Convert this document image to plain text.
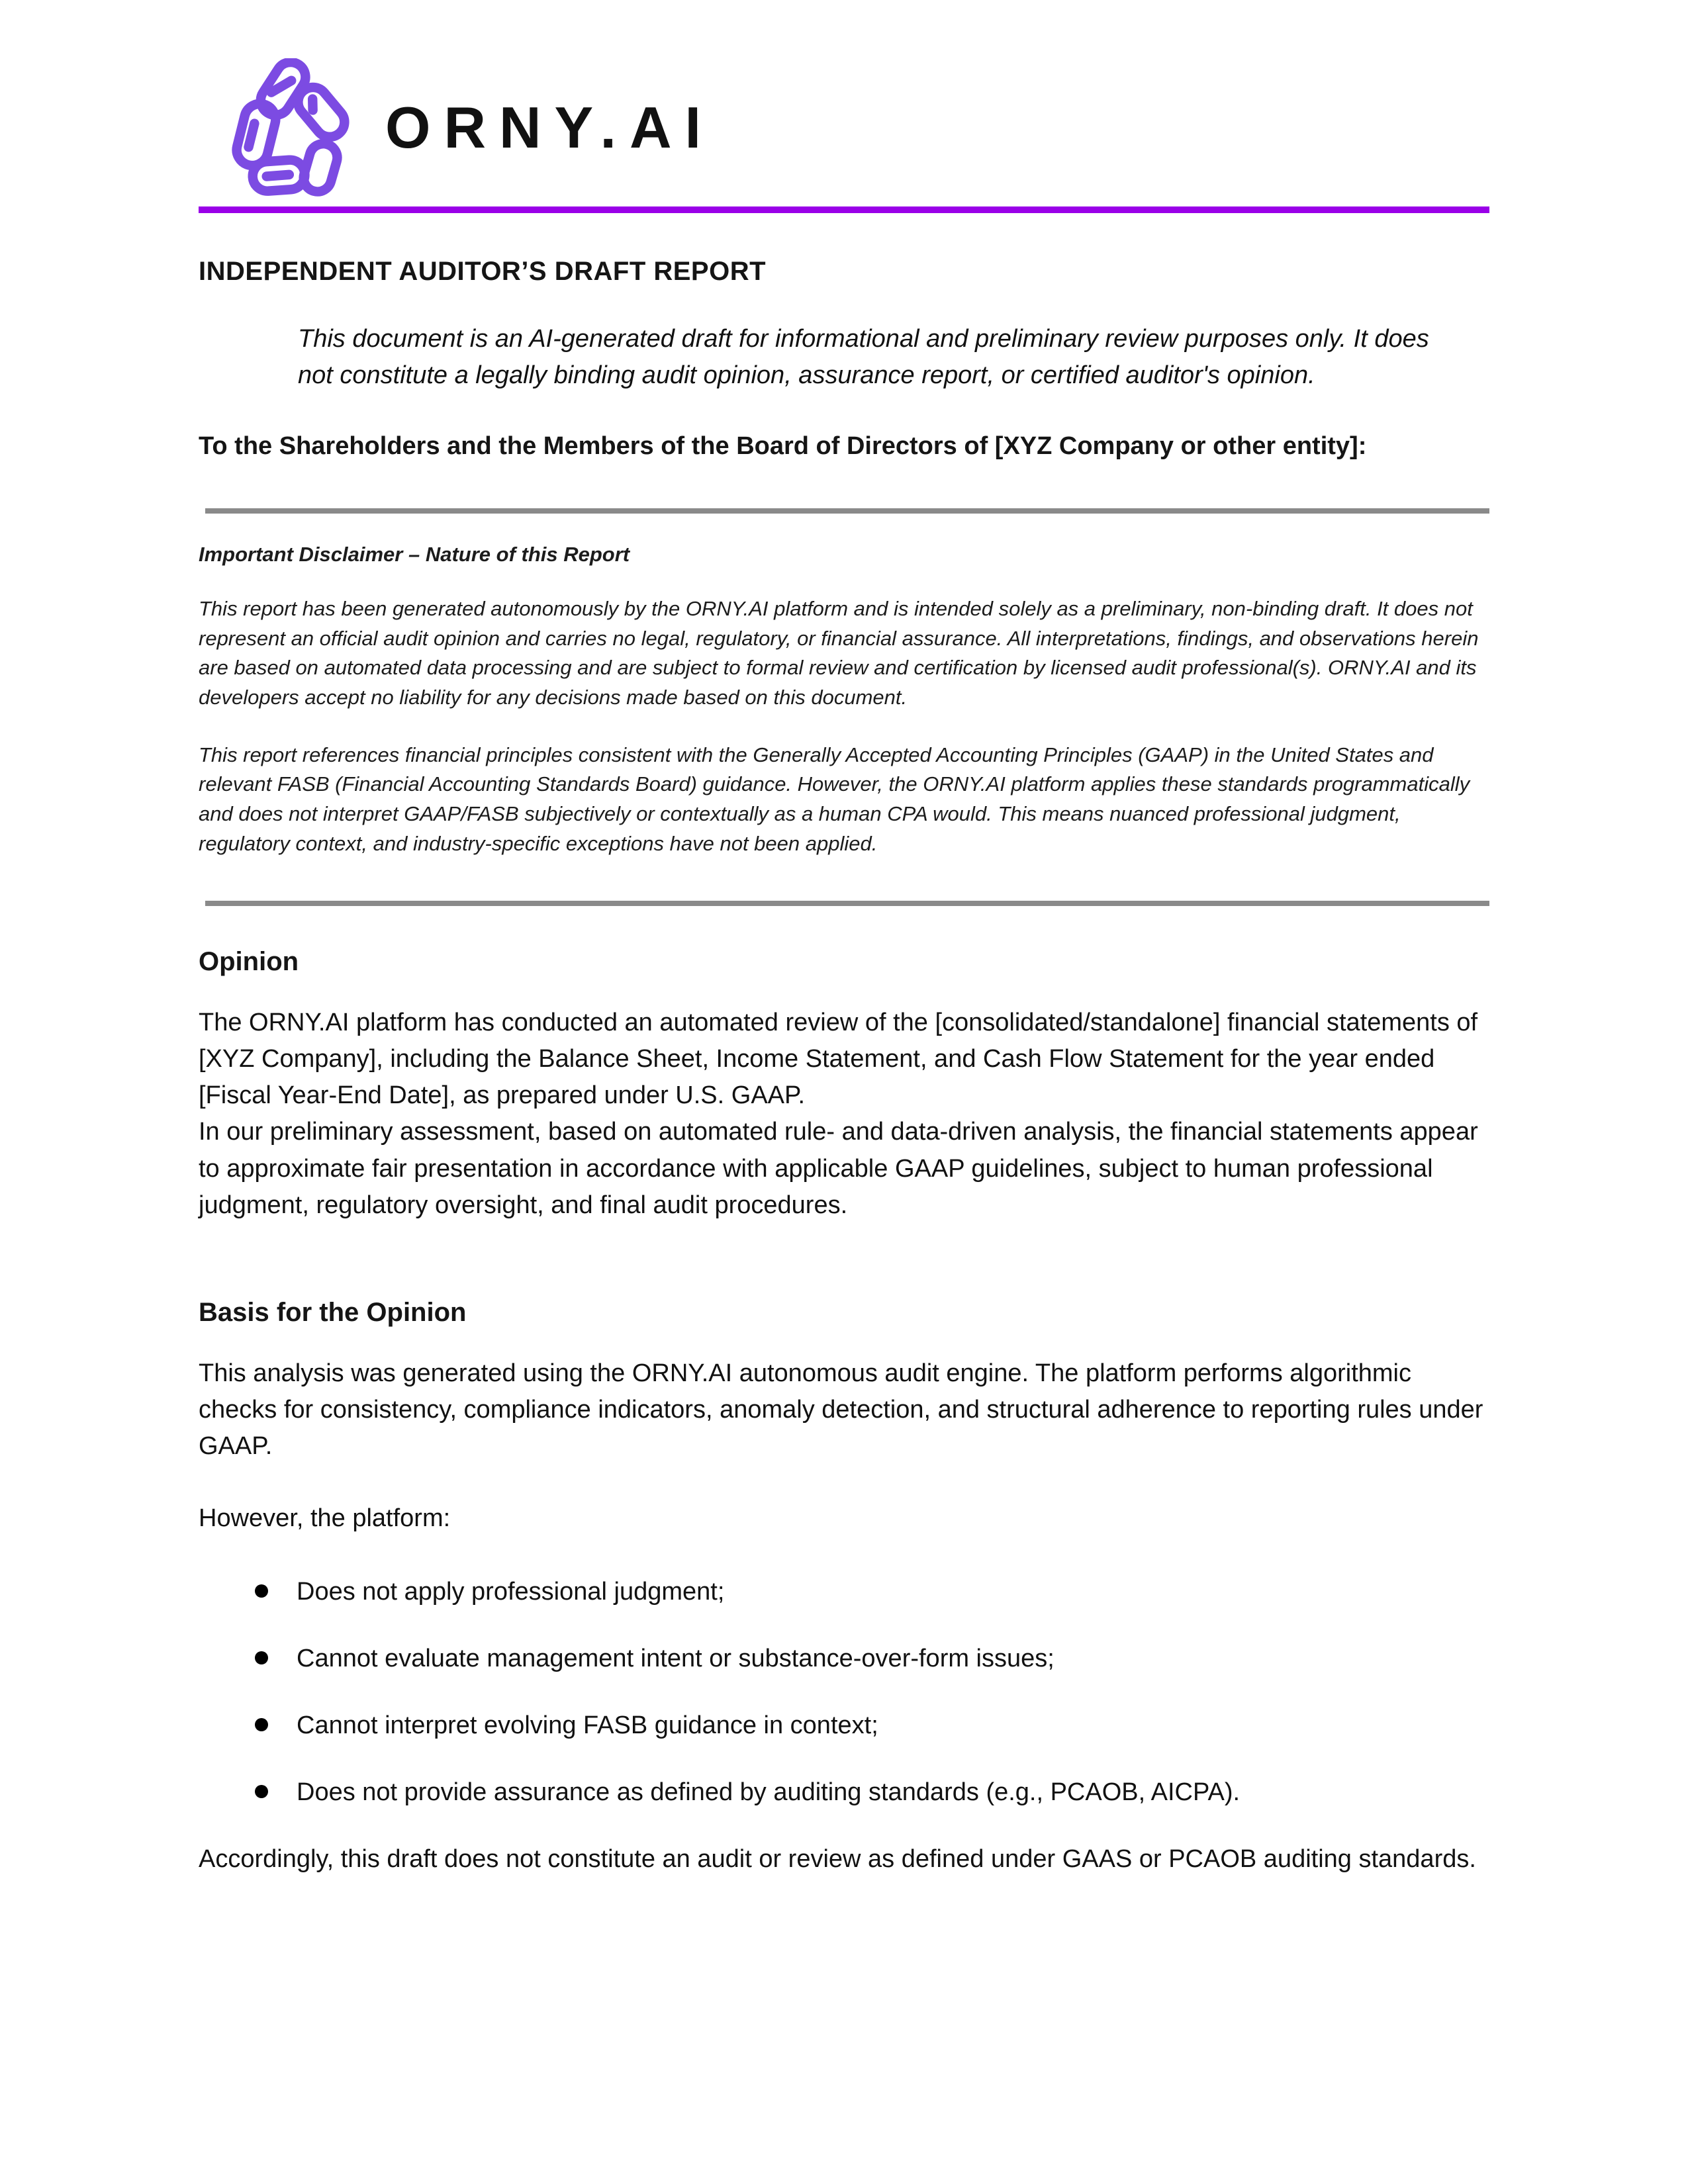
ORNY.AI
INDEPENDENT AUDITOR’S DRAFT REPORT
This document is an AI-generated draft for informational and preliminary review purposes only. It does not constitute a legally binding audit opinion, assurance report, or certified auditor's opinion.
To the Shareholders and the Members of the Board of Directors of [XYZ Company or other entity]:
Important Disclaimer – Nature of this Report
This report has been generated autonomously by the ORNY.AI platform and is intended solely as a preliminary, non-binding draft. It does not represent an official audit opinion and carries no legal, regulatory, or financial assurance. All interpretations, findings, and observations herein are based on automated data processing and are subject to formal review and certification by licensed audit professional(s). ORNY.AI and its developers accept no liability for any decisions made based on this document.
This report references financial principles consistent with the Generally Accepted Accounting Principles (GAAP) in the United States and relevant FASB (Financial Accounting Standards Board) guidance. However, the ORNY.AI platform applies these standards programmatically and does not interpret GAAP/FASB subjectively or contextually as a human CPA would. This means nuanced professional judgment, regulatory context, and industry-specific exceptions have not been applied.
Opinion
The ORNY.AI platform has conducted an automated review of the [consolidated/standalone] financial statements of [XYZ Company], including the Balance Sheet, Income Statement, and Cash Flow Statement for the year ended [Fiscal Year-End Date], as prepared under U.S. GAAP.
In our preliminary assessment, based on automated rule- and data-driven analysis, the financial statements appear to approximate fair presentation in accordance with applicable GAAP guidelines, subject to human professional judgment, regulatory oversight, and final audit procedures.
Basis for the Opinion
This analysis was generated using the ORNY.AI autonomous audit engine. The platform performs algorithmic checks for consistency, compliance indicators, anomaly detection, and structural adherence to reporting rules under GAAP.
However, the platform:
Does not apply professional judgment;
Cannot evaluate management intent or substance-over-form issues;
Cannot interpret evolving FASB guidance in context;
Does not provide assurance as defined by auditing standards (e.g., PCAOB, AICPA).
Accordingly, this draft does not constitute an audit or review as defined under GAAS or PCAOB auditing standards.
